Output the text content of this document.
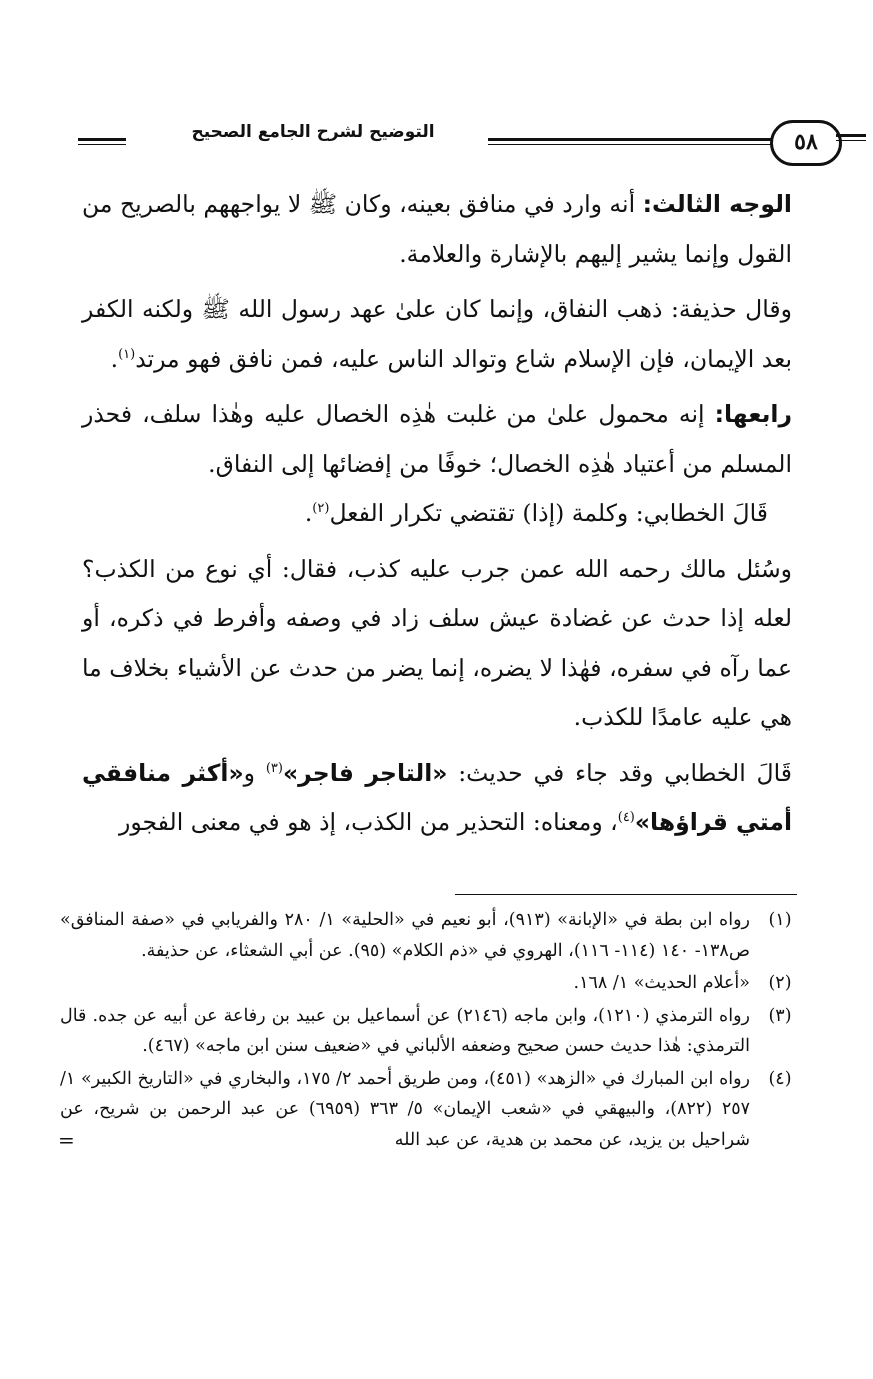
التوضيح لشرح الجامع الصحيح	٥٨

الوجه الثالث: أنه وارد في منافق بعينه، وكان ﷺ لا يواجههم بالصريح من القول وإنما يشير إليهم بالإشارة والعلامة.

وقال حذيفة: ذهب النفاق، وإنما كان علىٰ عهد رسول الله ﷺ ولكنه الكفر بعد الإيمان، فإن الإسلام شاع وتوالد الناس عليه، فمن نافق فهو مرتد$^{(١)}$.

رابعها: إنه محمول علىٰ من غلبت هٰذِه الخصال عليه وهٰذا سلف، فحذر المسلم من أعتياد هٰذِه الخصال؛ خوفًا من إفضائها إلى النفاق.

قَالَ الخطابي: وكلمة (إذا) تقتضي تكرار الفعل$^{(٢)}$.

وسُئل مالك رحمه الله عمن جرب عليه كذب، فقال: أي نوع من الكذب؟ لعله إذا حدث عن غضادة عيش سلف زاد في وصفه وأفرط في ذكره، أو عما رآه في سفره، فهٰذا لا يضره، إنما يضر من حدث عن الأشياء بخلاف ما هي عليه عامدًا للكذب.

قَالَ الخطابي وقد جاء في حديث: «التاجر فاجر»$^{(٣)}$ و«أكثر منافقي أمتي قراؤها»$^{(٤)}$، ومعناه: التحذير من الكذب، إذ هو في معنى الفجور

(١)
رواه ابن بطة في «الإبانة» (٩١٣)، أبو نعيم في «الحلية» ١/ ٢٨٠ والفريابي في «صفة المنافق» ص١٣٨- ١٤٠ (١١٤- ١١٦)، الهروي في «ذم الكلام» (٩٥). عن أبي الشعثاء، عن حذيفة.
(٢)
«أعلام الحديث» ١/ ١٦٨.
(٣)
رواه الترمذي (١٢١٠)، وابن ماجه (٢١٤٦) عن أسماعيل بن عبيد بن رفاعة عن أبيه عن جده. قال الترمذي: هٰذا حديث حسن صحيح وضعفه الألباني في «ضعيف سنن ابن ماجه» (٤٦٧).
(٤)
رواه ابن المبارك في «الزهد» (٤٥١)، ومن طريق أحمد ٢/ ١٧٥، والبخاري في «التاريخ الكبير» ١/ ٢٥٧ (٨٢٢)، والبيهقي في «شعب الإيمان» ٥/ ٣٦٣ (٦٩٥٩) عن عبد الرحمن بن شريح، عن شراحيل بن يزيد، عن محمد بن هدية، عن عبد الله
=
